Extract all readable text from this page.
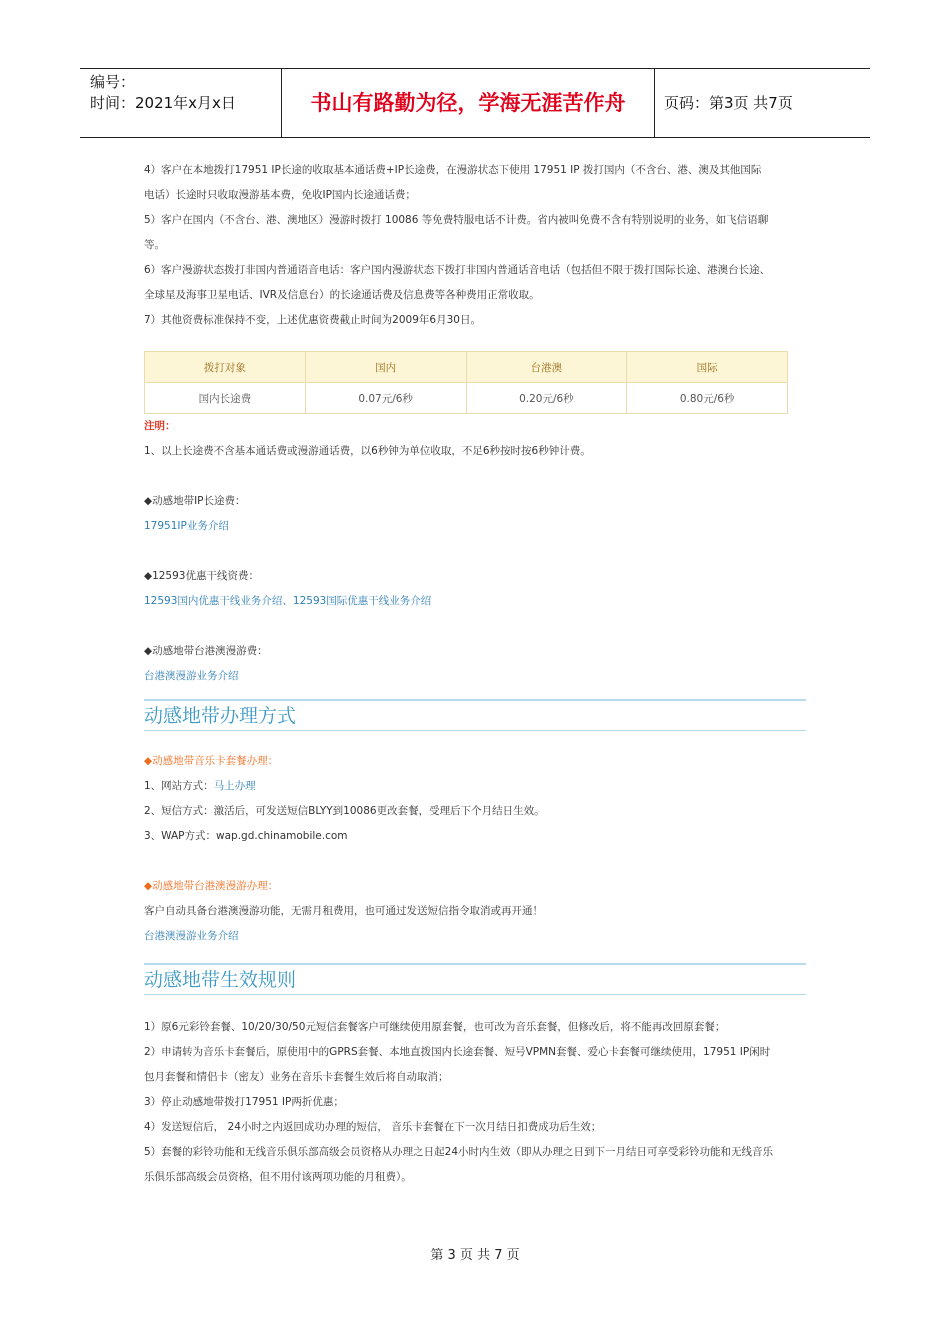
编号：
时间：2021年x月x日	书山有路勤为径，学海无涯苦作舟	页码：第3页 共7页
4）客户在本地拨打17951 IP长途的收取基本通话费+IP长途费，在漫游状态下使用 17951 IP 拨打国内（不含台、港、澳及其他国际
电话）长途时只收取漫游基本费，免收IP国内长途通话费；
5）客户在国内（不含台、港、澳地区）漫游时拨打 10086 等免费特服电话不计费。省内被叫免费不含有特别说明的业务，如飞信语聊
等。
6）客户漫游状态拨打非国内普通语音电话：客户国内漫游状态下拨打非国内普通话音电话（包括但不限于拨打国际长途、港澳台长途、
全球星及海事卫星电话、IVR及信息台）的长途通话费及信息费等各种费用正常收取。
7）其他资费标准保持不变，上述优惠资费截止时间为2009年6月30日。
拨打对象	国内	台港澳	国际
国内长途费	0.07元/6秒	0.20元/6秒	0.80元/6秒
注明：
1、以上长途费不含基本通话费或漫游通话费，以6秒钟为单位收取，不足6秒按时按6秒钟计费。
◆动感地带IP长途费：
17951IP业务介绍
◆12593优惠干线资费：
12593国内优惠干线业务介绍、12593国际优惠干线业务介绍
◆动感地带台港澳漫游费：
台港澳漫游业务介绍
动感地带办理方式
◆动感地带音乐卡套餐办理：
1、网站方式：马上办理
2、短信方式：激活后，可发送短信BLYY到10086更改套餐，受理后下个月结日生效。
3、WAP方式：wap.gd.chinamobile.com
◆动感地带台港澳漫游办理：
客户自动具备台港澳漫游功能，无需月租费用，也可通过发送短信指令取消或再开通！
台港澳漫游业务介绍
动感地带生效规则
1）原6元彩铃套餐、10/20/30/50元短信套餐客户可继续使用原套餐，也可改为音乐套餐，但修改后，将不能再改回原套餐；
2）申请转为音乐卡套餐后，原使用中的GPRS套餐、本地直拨国内长途套餐、短号VPMN套餐、爱心卡套餐可继续使用，17951 IP闲时
包月套餐和情侣卡（密友）业务在音乐卡套餐生效后将自动取消；
3）停止动感地带拨打17951 IP两折优惠；
4）发送短信后， 24小时之内返回成功办理的短信， 音乐卡套餐在下一次月结日扣费成功后生效；
5）套餐的彩铃功能和无线音乐俱乐部高级会员资格从办理之日起24小时内生效（即从办理之日到下一月结日可享受彩铃功能和无线音乐
乐俱乐部高级会员资格，但不用付该两项功能的月租费）。
第 3 页 共 7 页
